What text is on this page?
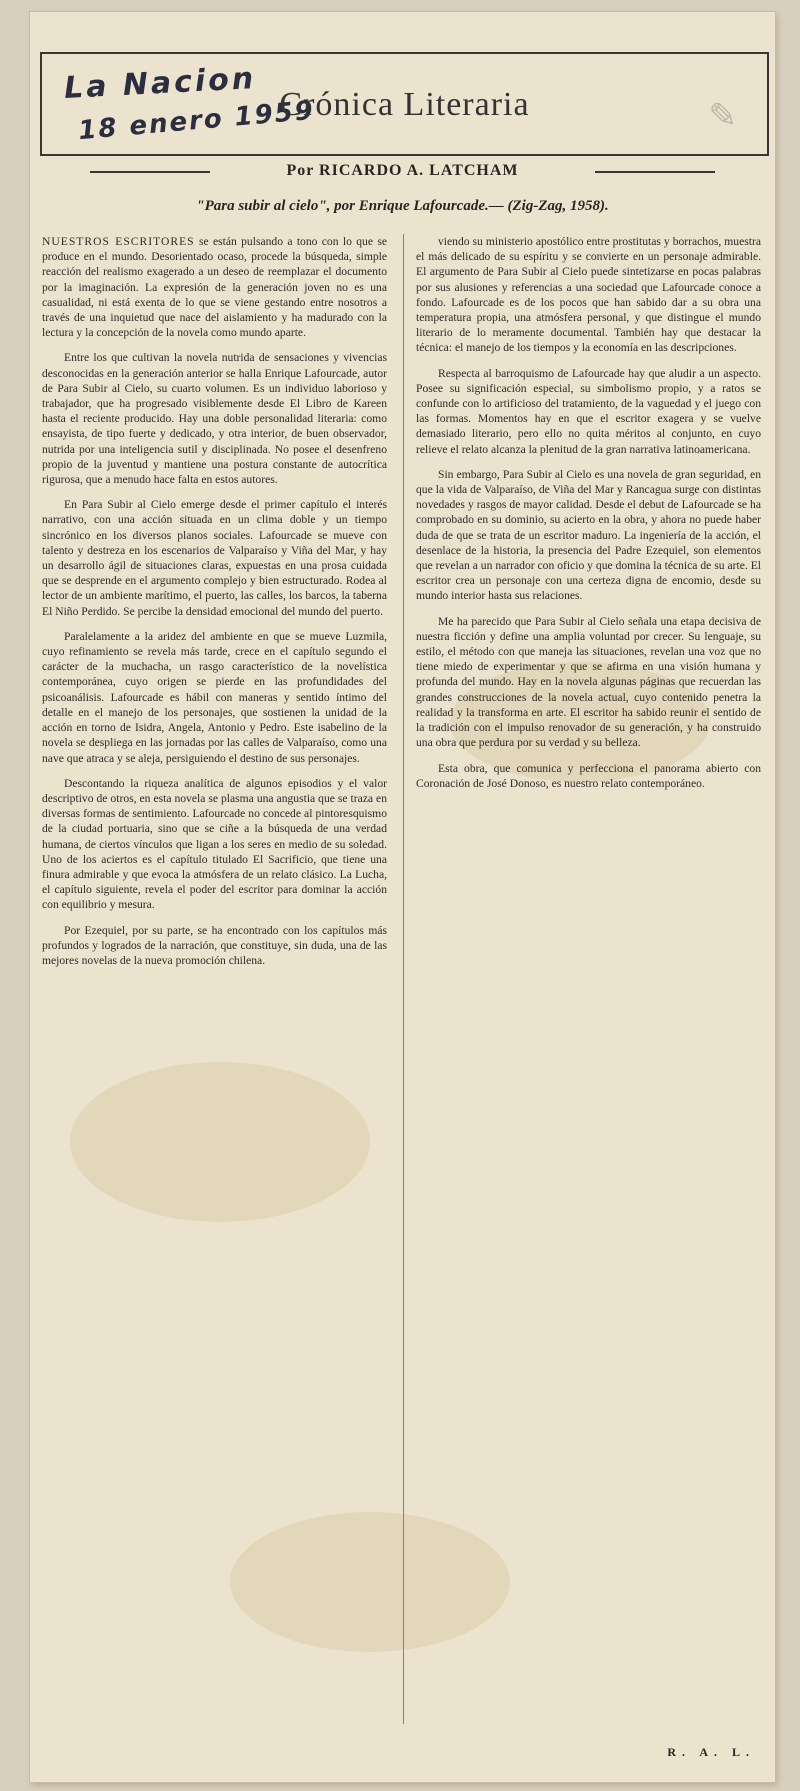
La Nacion
18 enero 1959
Crónica Literaria	✎
Por RICARDO A. LATCHAM
"Para subir al cielo", por Enrique Lafourcade.— (Zig-Zag, 1958).

NUESTROS ESCRITORES se están pulsando a tono con lo que se produce en el mundo. Desorientado ocaso, procede la búsqueda, simple reacción del realismo exagerado a un deseo de reemplazar el documento por la imaginación. La expresión de la generación joven no es una casualidad, ni está exenta de lo que se viene gestando entre nosotros a través de una inquietud que nace del aislamiento y ha madurado con la lectura y la concepción de la novela como mundo aparte.

Entre los que cultivan la novela nutrida de sensaciones y vivencias desconocidas en la generación anterior se halla Enrique Lafourcade, autor de Para Subir al Cielo, su cuarto volumen. Es un individuo laborioso y trabajador, que ha progresado visiblemente desde El Libro de Kareen hasta el reciente producido. Hay una doble personalidad literaria: como ensayista, de tipo fuerte y dedicado, y otra interior, de buen observador, nutrida por una inteligencia sutil y disciplinada. No posee el desenfreno propio de la juventud y mantiene una postura constante de autocrítica rigurosa, que a menudo hace falta en estos autores.

En Para Subir al Cielo emerge desde el primer capítulo el interés narrativo, con una acción situada en un clima doble y un tiempo sincrónico en los diversos planos sociales. Lafourcade se mueve con talento y destreza en los escenarios de Valparaíso y Viña del Mar, y hay un desarrollo ágil de situaciones claras, expuestas en una prosa cuidada que se desprende en el argumento complejo y bien estructurado. Rodea al lector de un ambiente marítimo, el puerto, las calles, los barcos, la taberna El Niño Perdido. Se percibe la densidad emocional del mundo del puerto.

Paralelamente a la aridez del ambiente en que se mueve Luzmila, cuyo refinamiento se revela más tarde, crece en el capítulo segundo el carácter de la muchacha, un rasgo característico de la novelística contemporánea, cuyo origen se pierde en las profundidades del psicoanálisis. Lafourcade es hábil con maneras y sentido íntimo del detalle en el manejo de los personajes, que sostienen la unidad de la acción en torno de Isidra, Angela, Antonio y Pedro. Este isabelino de la novela se despliega en las jornadas por las calles de Valparaíso, como una nave que atraca y se aleja, persiguiendo el destino de sus personajes.

Descontando la riqueza analítica de algunos episodios y el valor descriptivo de otros, en esta novela se plasma una angustia que se traza en diversas formas de sentimiento. Lafourcade no concede al pintoresquismo de la ciudad portuaria, sino que se ciñe a la búsqueda de una verdad humana, de ciertos vínculos que ligan a los seres en medio de su soledad. Uno de los aciertos es el capítulo titulado El Sacrificio, que tiene una finura admirable y que evoca la atmósfera de un relato clásico. La Lucha, el capítulo siguiente, revela el poder del escritor para dominar la acción con equilibrio y mesura.

Por Ezequiel, por su parte, se ha encontrado con los capítulos más profundos y logrados de la narración, que constituye, sin duda, una de las mejores novelas de la nueva promoción chilena.

viendo su ministerio apostólico entre prostitutas y borrachos, muestra el más delicado de su espíritu y se convierte en un personaje admirable. El argumento de Para Subir al Cielo puede sintetizarse en pocas palabras por sus alusiones y referencias a una sociedad que Lafourcade conoce a fondo. Lafourcade es de los pocos que han sabido dar a su obra una temperatura propia, una atmósfera personal, y que distingue el mundo literario de lo meramente documental. También hay que destacar la técnica: el manejo de los tiempos y la economía en las descripciones.

Respecta al barroquismo de Lafourcade hay que aludir a un aspecto. Posee su significación especial, su simbolismo propio, y a ratos se confunde con lo artificioso del tratamiento, de la vaguedad y el juego con las formas. Momentos hay en que el escritor exagera y se vuelve demasiado literario, pero ello no quita méritos al conjunto, en cuyo relieve el relato alcanza la plenitud de la gran narrativa latinoamericana.

Sin embargo, Para Subir al Cielo es una novela de gran seguridad, en que la vida de Valparaíso, de Viña del Mar y Rancagua surge con distintas novedades y rasgos de mayor calidad. Desde el debut de Lafourcade se ha comprobado en su dominio, su acierto en la obra, y ahora no puede haber duda de que se trata de un escritor maduro. La ingeniería de la acción, el desenlace de la historia, la presencia del Padre Ezequiel, son elementos que revelan a un narrador con oficio y que domina la técnica de su arte. El escritor crea un personaje con una certeza digna de encomio, desde su mundo interior hasta sus relaciones.

Me ha parecido que Para Subir al Cielo señala una etapa decisiva de nuestra ficción y define una amplia voluntad por crecer. Su lenguaje, su estilo, el método con que maneja las situaciones, revelan una voz que no tiene miedo de experimentar y que se afirma en una visión humana y profunda del mundo. Hay en la novela algunas páginas que recuerdan las grandes construcciones de la novela actual, cuyo contenido penetra la realidad y la transforma en arte. El escritor ha sabido reunir el sentido de la tradición con el impulso renovador de su generación, y ha construido una obra que perdura por su verdad y su belleza.

Esta obra, que comunica y perfecciona el panorama abierto con Coronación de José Donoso, es nuestro relato contemporáneo.

R. A. L.
